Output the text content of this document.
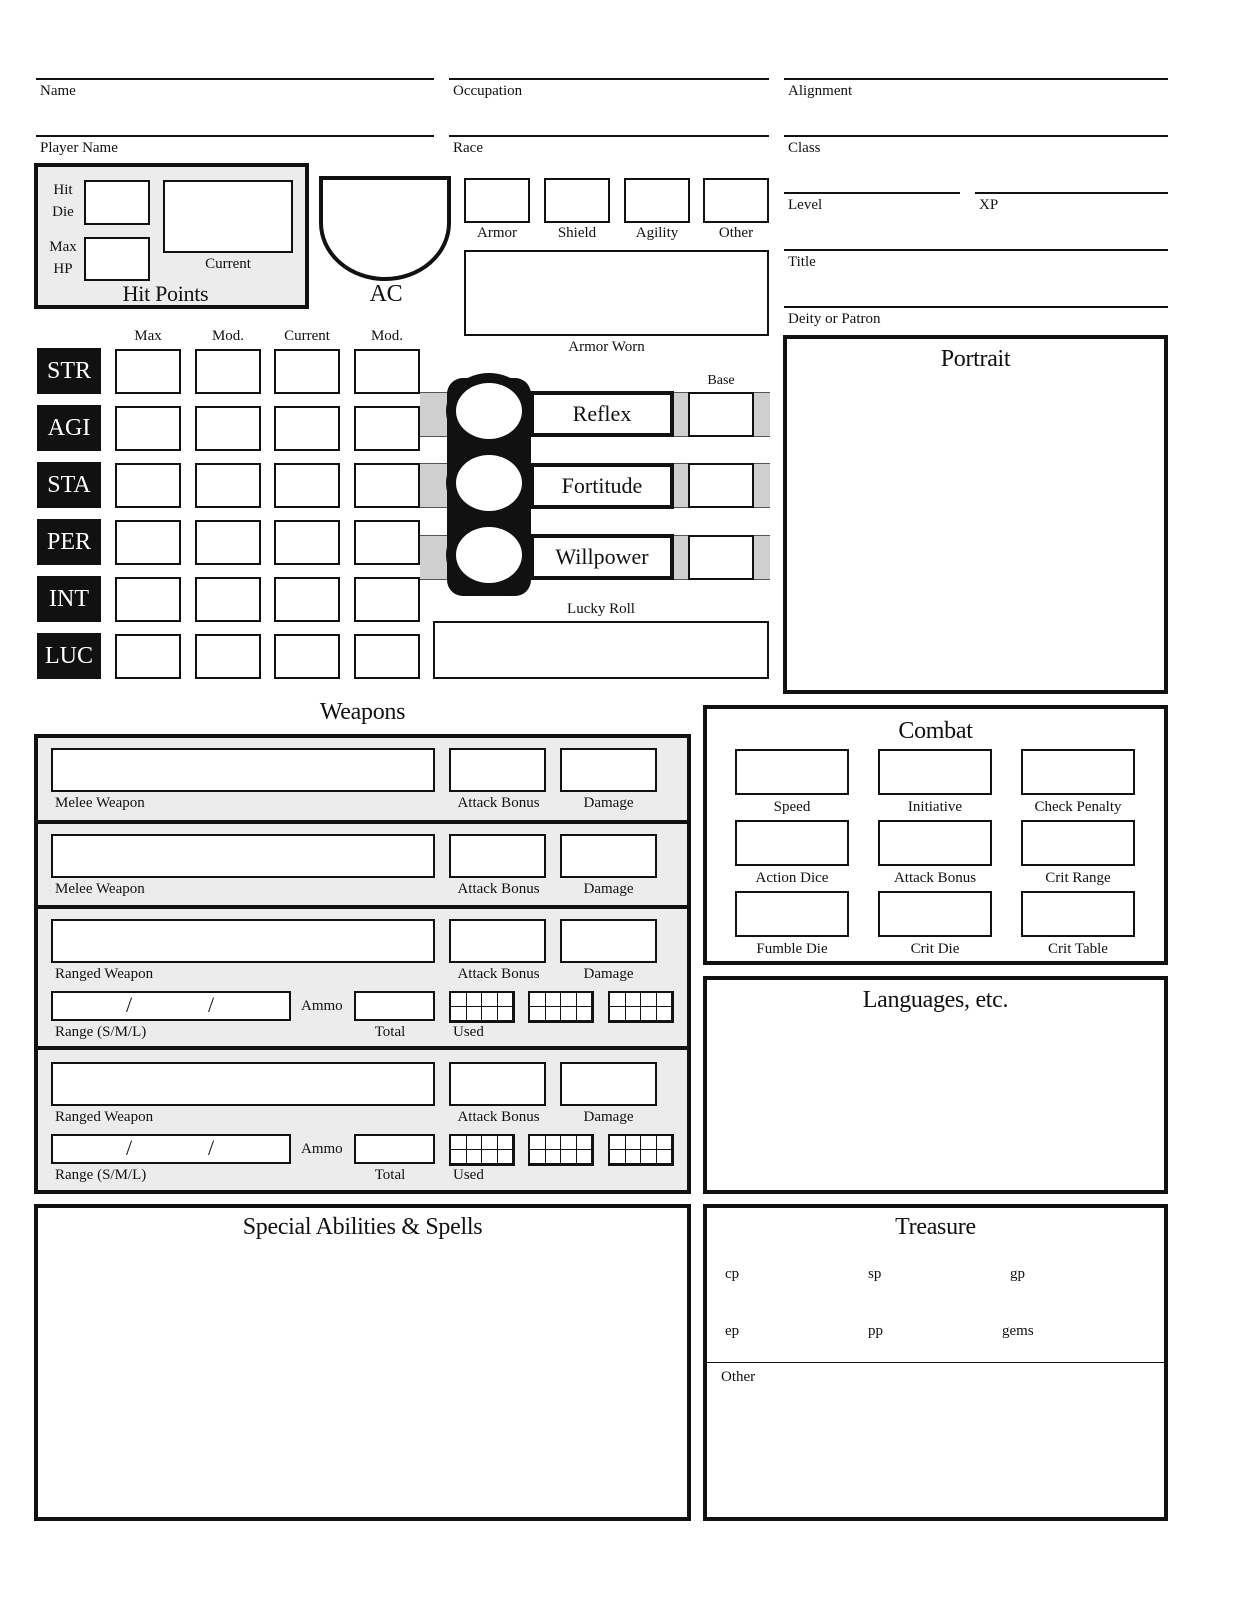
Name	Occupation	Alignment
Player Name	Race	Class
Level	XP
Title
Deity or Patron
Hit
Die
Max
HP	Current
Hit Points	AC
Armor	Shield	Agility	Other
Armor Worn
Max	Mod.	Current	Mod.
STR
AGI
STA
PER
INT
LUC
Reflex
Fortitude
Willpower
Base
Lucky Roll
Portrait
Weapons
Melee Weapon	Attack Bonus	Damage
Melee Weapon	Attack Bonus	Damage
Ranged Weapon	Attack Bonus	Damage
/	/
Range (S/M/L)
Ammo
Total	Used
Ranged Weapon	Attack Bonus	Damage
/	/
Range (S/M/L)
Ammo
Total	Used
Combat
Speed	Initiative	Check Penalty
Action Dice	Attack Bonus	Crit Range
Fumble Die	Crit Die	Crit Table
Languages, etc.
Special Abilities & Spells	Treasure
cp	sp	gp
ep	pp	gems
Other
